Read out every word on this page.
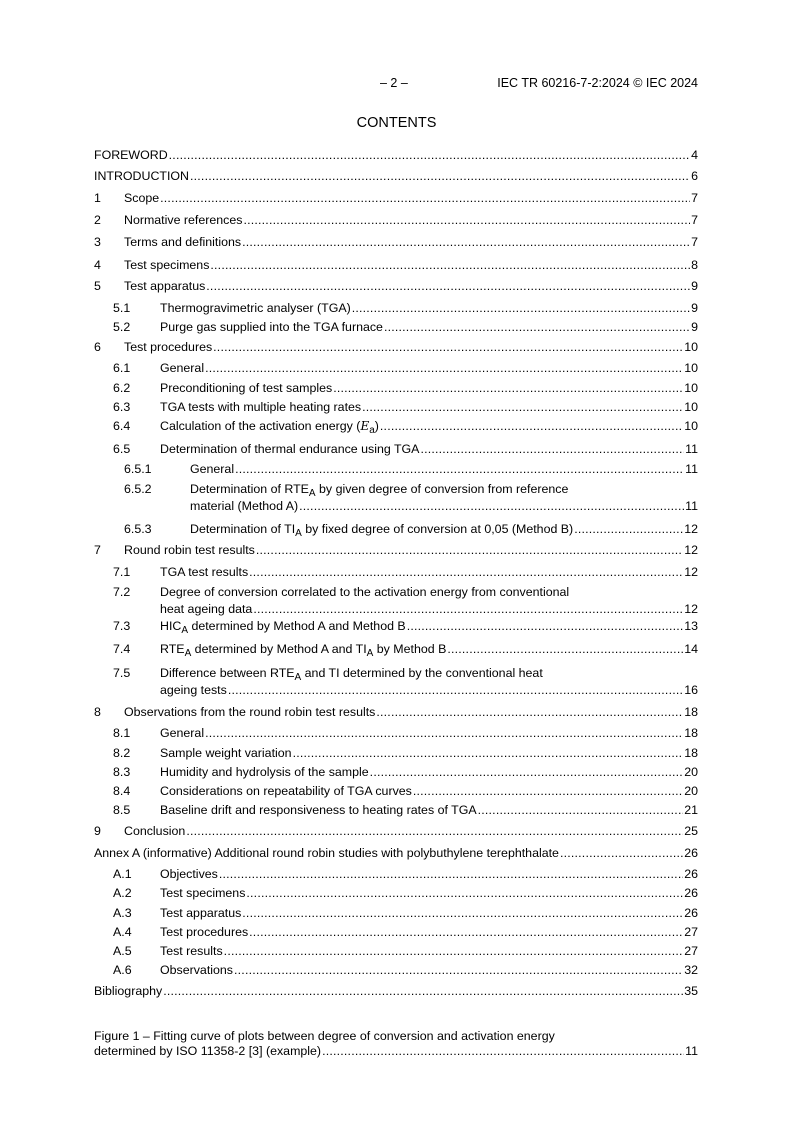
– 2 –	IEC TR 60216-7-2:2024 © IEC 2024
CONTENTS
FOREWORD .....	4
INTRODUCTION .....	6
1 Scope .....	7
2 Normative references .....	7
3 Terms and definitions .....	7
4 Test specimens .....	8
5 Test apparatus .....	9
5.1 Thermogravimetric analyser (TGA) .....	9
5.2 Purge gas supplied into the TGA furnace .....	9
6 Test procedures .....	10
6.1 General .....	10
6.2 Preconditioning of test samples .....	10
6.3 TGA tests with multiple heating rates .....	10
6.4 Calculation of the activation energy $(E_a)$ .....	10
6.5 Determination of thermal endurance using TGA .....	11
6.5.1	General .....	11
6.5.2	Determination of $RTE_A$ by given degree of conversion from reference
material (Method A) .....	11
6.5.3	Determination of $TI_A$ by fixed degree of conversion at 0,05 (Method B) .....	12
7 Round robin test results .....	12
7.1 TGA test results .....	12
7.2 Degree of conversion correlated to the activation energy from conventional
heat ageing data .....	12
7.3 $HIC_A$ determined by Method A and Method B .....	13
7.4 $RTE_A$ determined by Method A and $TI_A$ by Method B .....	14
7.5 Difference between $RTE_A$ and TI determined by the conventional heat
ageing tests .....	16
8 Observations from the round robin test results .....	18
8.1 General .....	18
8.2 Sample weight variation .....	18
8.3 Humidity and hydrolysis of the sample .....	20
8.4 Considerations on repeatability of TGA curves .....	20
8.5 Baseline drift and responsiveness to heating rates of TGA .....	21
9 Conclusion .....	25
Annex A (informative) Additional round robin studies with polybuthylene terephthalate .....	26
A.1 Objectives .....	26
A.2 Test specimens .....	26
A.3 Test apparatus .....	26
A.4 Test procedures .....	27
A.5 Test results .....	27
A.6 Observations .....	32
Bibliography .....	35
Figure 1 – Fitting curve of plots between degree of conversion and activation energy
determined by ISO 11358-2 [3] (example) .....	11
